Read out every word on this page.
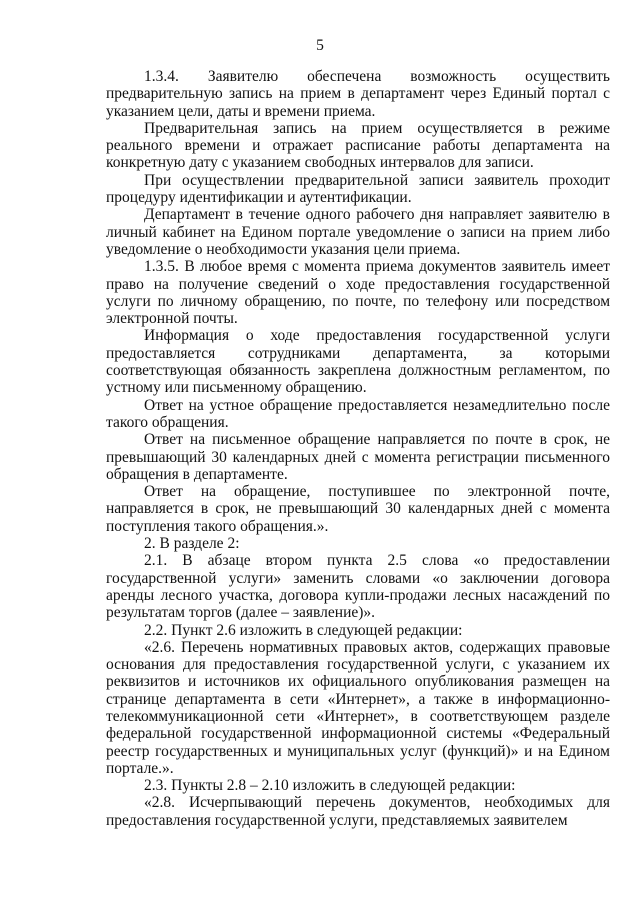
5

1.3.4. Заявителю обеспечена возможность осуществить предварительную запись на прием в департамент через Единый портал с указанием цели, даты и времени приема.

Предварительная запись на прием осуществляется в режиме реального времени и отражает расписание работы департамента на конкретную дату с указанием свободных интервалов для записи.

При осуществлении предварительной записи заявитель проходит процедуру идентификации и аутентификации.

Департамент в течение одного рабочего дня направляет заявителю в личный кабинет на Едином портале уведомление о записи на прием либо уведомление о необходимости указания цели приема.

1.3.5. В любое время с момента приема документов заявитель имеет право на получение сведений о ходе предоставления государственной услуги по личному обращению, по почте, по телефону или посредством электронной почты.

Информация о ходе предоставления государственной услуги предоставляется сотрудниками департамента, за которыми соответствующая обязанность закреплена должностным регламентом, по устному или письменному обращению.

Ответ на устное обращение предоставляется незамедлительно после такого обращения.

Ответ на письменное обращение направляется по почте в срок, не превышающий 30 календарных дней с момента регистрации письменного обращения в департаменте.

Ответ на обращение, поступившее по электронной почте, направляется в срок, не превышающий 30 календарных дней с момента поступления такого обращения.».

2. В разделе 2:

2.1. В абзаце втором пункта 2.5 слова «о предоставлении государственной услуги» заменить словами «о заключении договора аренды лесного участка, договора купли-продажи лесных насаждений по результатам торгов (далее – заявление)».

2.2. Пункт 2.6 изложить в следующей редакции:

«2.6. Перечень нормативных правовых актов, содержащих правовые основания для предоставления государственной услуги, с указанием их реквизитов и источников их официального опубликования размещен на странице департамента в сети «Интернет», а также в информационно-телекоммуникационной сети «Интернет», в соответствующем разделе федеральной государственной информационной системы «Федеральный реестр государственных и муниципальных услуг (функций)» и на Едином портале.».

2.3. Пункты 2.8 – 2.10 изложить в следующей редакции:

«2.8. Исчерпывающий перечень документов, необходимых для предоставления государственной услуги, представляемых заявителем
